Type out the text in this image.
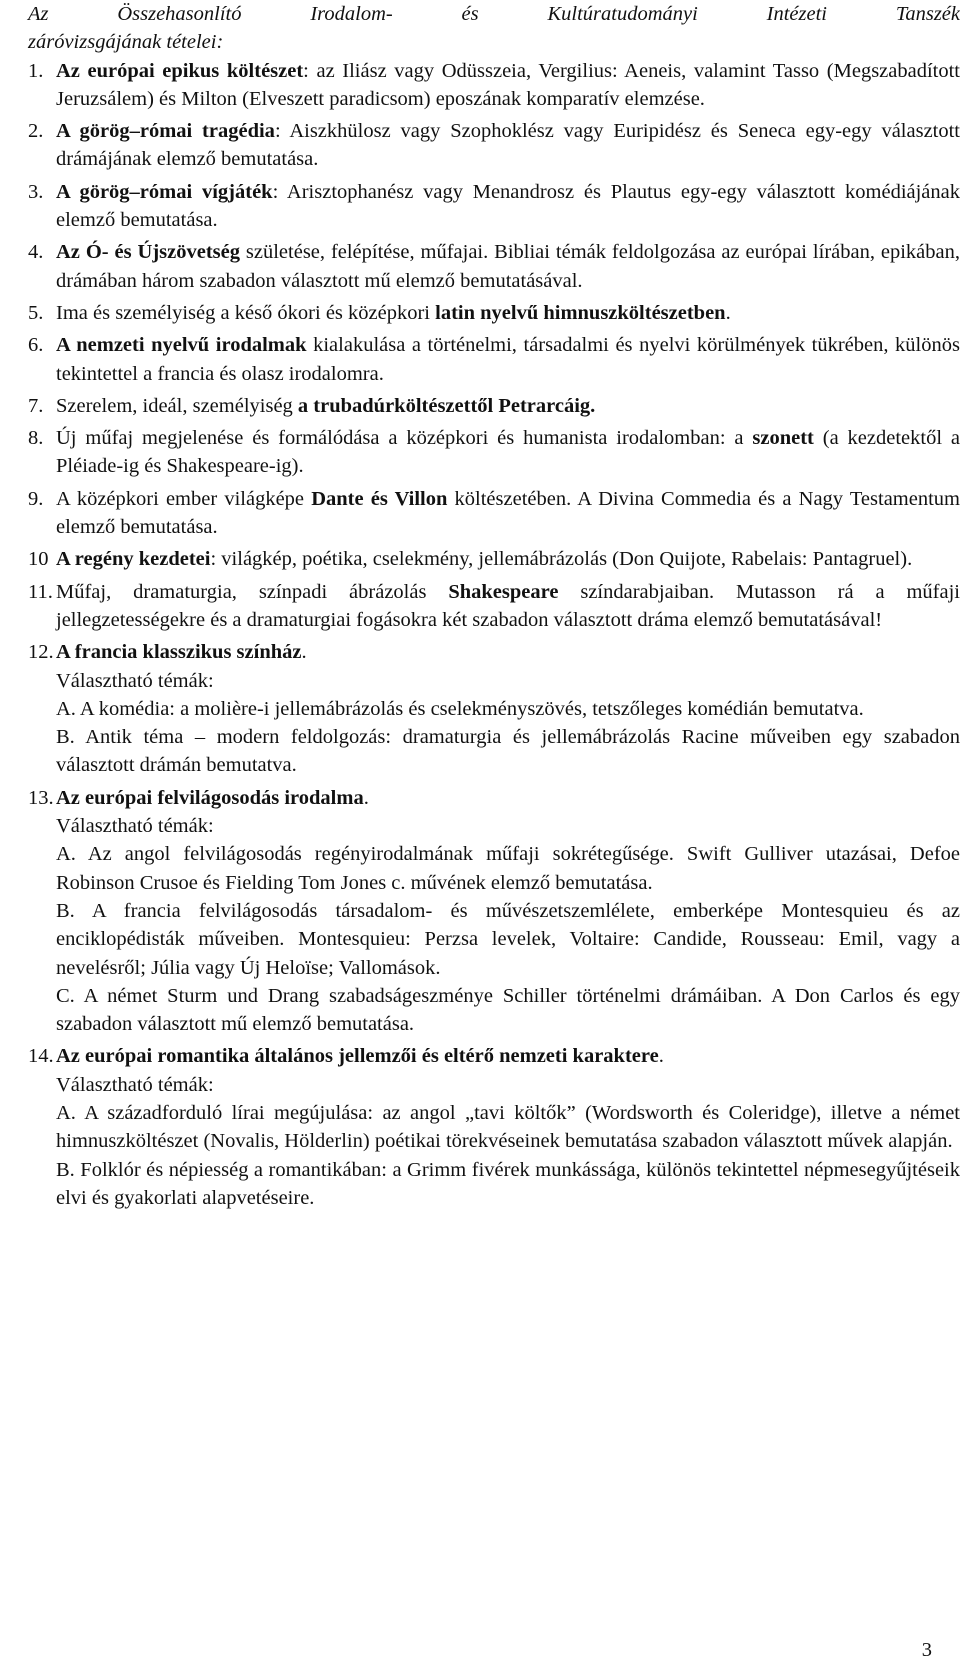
Az Összehasonlító Irodalom- és Kultúratudományi Intézeti Tanszék
záróvizsgájának tételei:
1. Az európai epikus költészet: az Iliász vagy Odüsszeia, Vergilius: Aeneis, valamint Tasso (Megszabadított Jeruzsálem) és Milton (Elveszett paradicsom) eposzának komparatív elemzése.
2. A görög–római tragédia: Aiszkhülosz vagy Szophoklész vagy Euripidész és Seneca egy-egy választott drámájának elemző bemutatása.
3. A görög–római vígjáték: Arisztophanész vagy Menandrosz és Plautus egy-egy választott komédiájának elemző bemutatása.
4. Az Ó- és Újszövetség születése, felépítése, műfajai. Bibliai témák feldolgozása az európai lírában, epikában, drámában három szabadon választott mű elemző bemutatásával.
5. Ima és személyiség a késő ókori és középkori latin nyelvű himnuszköltészetben.
6. A nemzeti nyelvű irodalmak kialakulása a történelmi, társadalmi és nyelvi körülmények tükrében, különös tekintettel a francia és olasz irodalomra.
7. Szerelem, ideál, személyiség a trubadúrköltészettől Petrarcáig.
8. Új műfaj megjelenése és formálódása a középkori és humanista irodalomban: a szonett (a kezdetektől a Pléiade-ig és Shakespeare-ig).
9. A középkori ember világképe Dante és Villon költészetében. A Divina Commedia és a Nagy Testamentum elemző bemutatása.
10 A regény kezdetei: világkép, poétika, cselekmény, jellemábrázolás (Don Quijote, Rabelais: Pantagruel).
11. Műfaj, dramaturgia, színpadi ábrázolás Shakespeare színdarabjaiban. Mutasson rá a műfaji jellegzetességekre és a dramaturgiai fogásokra két szabadon választott dráma elemző bemutatásával!
12. A francia klasszikus színház.
Választható témák:
A. A komédia: a molière-i jellemábrázolás és cselekményszövés, tetszőleges komédián bemutatva.
B. Antik téma – modern feldolgozás: dramaturgia és jellemábrázolás Racine műveiben egy szabadon választott drámán bemutatva.
13. Az európai felvilágosodás irodalma.
Választható témák:
A. Az angol felvilágosodás regényirodalmának műfaji sokrétegűsége. Swift Gulliver utazásai, Defoe Robinson Crusoe és Fielding Tom Jones c. művének elemző bemutatása.
B. A francia felvilágosodás társadalom- és művészetszemlélete, emberképe Montesquieu és az enciklopédisták műveiben. Montesquieu: Perzsa levelek, Voltaire: Candide, Rousseau: Emil, vagy a nevelésről; Júlia vagy Új Heloïse; Vallomások.
C. A német Sturm und Drang szabadságeszménye Schiller történelmi drámáiban. A Don Carlos és egy szabadon választott mű elemző bemutatása.
14. Az európai romantika általános jellemzői és eltérő nemzeti karaktere.
Választható témák:
A. A századforduló lírai megújulása: az angol „tavi költők” (Wordsworth és Coleridge), illetve a német himnuszköltészet (Novalis, Hölderlin) poétikai törekvéseinek bemutatása szabadon választott művek alapján.
B. Folklór és népiesség a romantikában: a Grimm fivérek munkássága, különös tekintettel népmesegyűjtéseik elvi és gyakorlati alapvetéseire.
3
